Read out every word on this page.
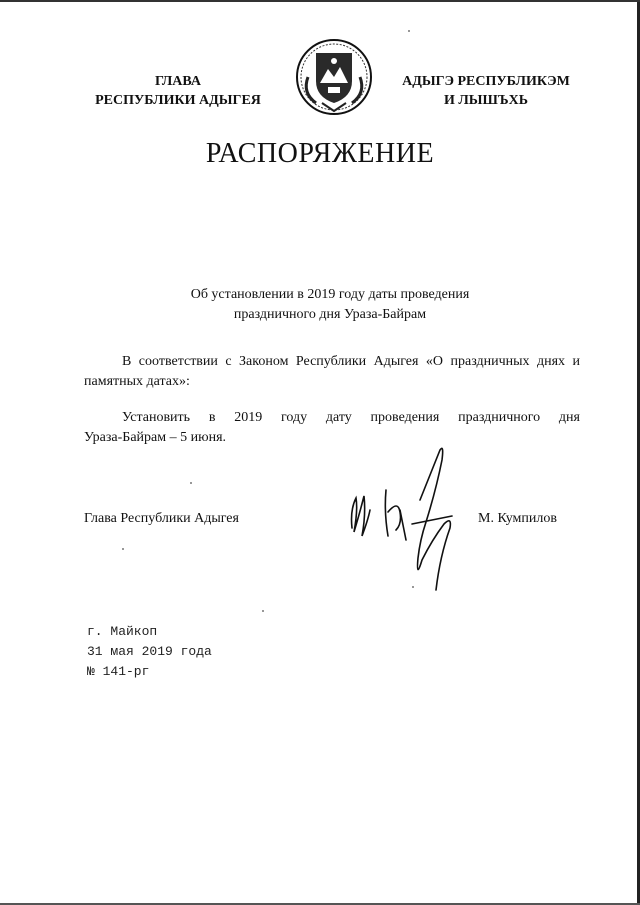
ГЛАВА
РЕСПУБЛИКИ АДЫГЕЯ
АДЫГЭ РЕСПУБЛИКЭМ
И ЛЫШЪХЬ
РАСПОРЯЖЕНИЕ
Об установлении в 2019 году даты проведения
праздничного дня Ураза-Байрам
В соответствии с Законом Республики Адыгея «О праздничных днях и памятных датах»:
Установить в 2019 году дату проведения праздничного дня
Ураза-Байрам – 5 июня.
Глава Республики Адыгея	М. Кумпилов
г. Майкоп
31 мая 2019 года
№ 141-рг
